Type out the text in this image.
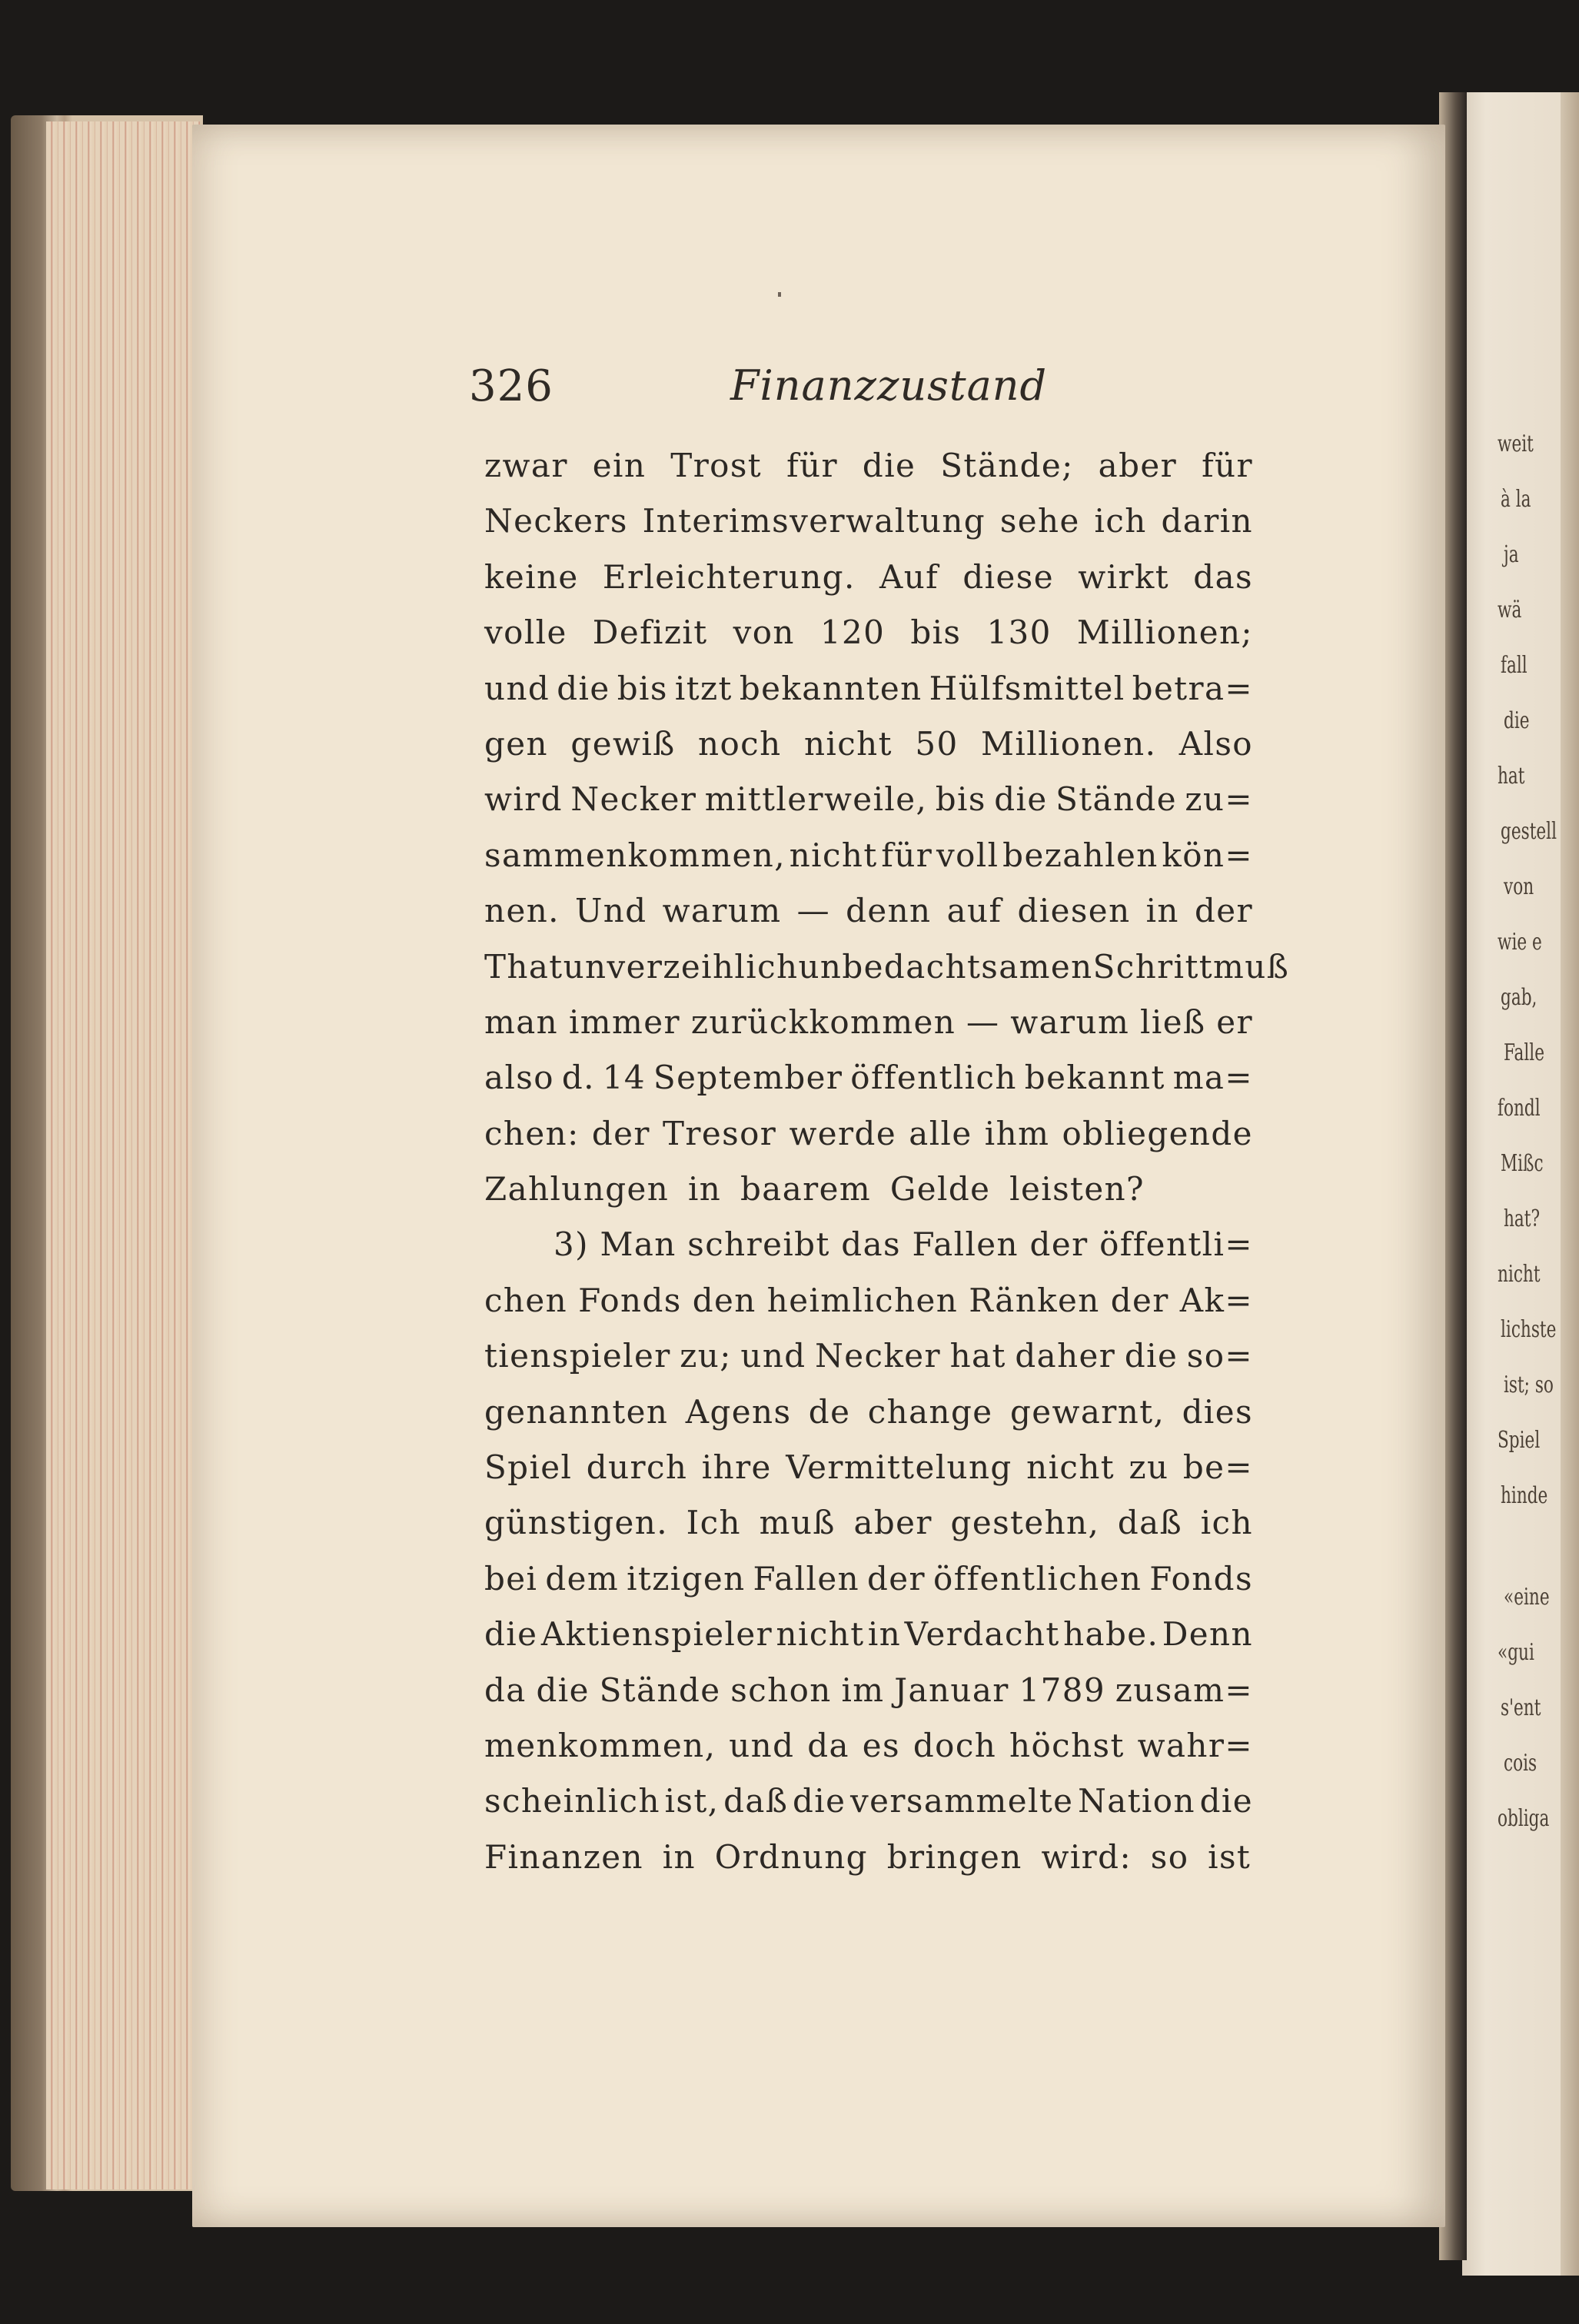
weit
à la
ja
wä
fall
die
hat
gestell
von
wie e
gab,
Falle
fondl
Mißc
hat?
nicht
lichste
ist; so
Spiel
hinde
«eine
«gui
s'ent
cois
obliga
326	Finanzzustand
zwar ein Trost für die Stände; aber für
Neckers Interimsverwaltung sehe ich darin
keine Erleichterung. Auf diese wirkt das
volle Defizit von 120 bis 130 Millionen;
und die bis itzt bekannten Hülfsmittel betra=
gen gewiß noch nicht 50 Millionen. Also
wird Necker mittlerweile, bis die Stände zu=
sammenkommen, nicht für voll bezahlen kön=
nen. Und warum — denn auf diesen in der
That unverzeihlich unbedachtsamen Schritt muß
man immer zurückkommen — warum ließ er
also d. 14 September öffentlich bekannt ma=
chen: der Tresor werde alle ihm obliegende
Zahlungen in baarem Gelde leisten?
3) Man schreibt das Fallen der öffentli=
chen Fonds den heimlichen Ränken der Ak=
tienspieler zu; und Necker hat daher die so=
genannten Agens de change gewarnt, dies
Spiel durch ihre Vermittelung nicht zu be=
günstigen. Ich muß aber gestehn, daß ich
bei dem itzigen Fallen der öffentlichen Fonds
die Aktienspieler nicht in Verdacht habe. Denn
da die Stände schon im Januar 1789 zusam=
menkommen, und da es doch höchst wahr=
scheinlich ist, daß die versammelte Nation die
Finanzen in Ordnung bringen wird: so ist
